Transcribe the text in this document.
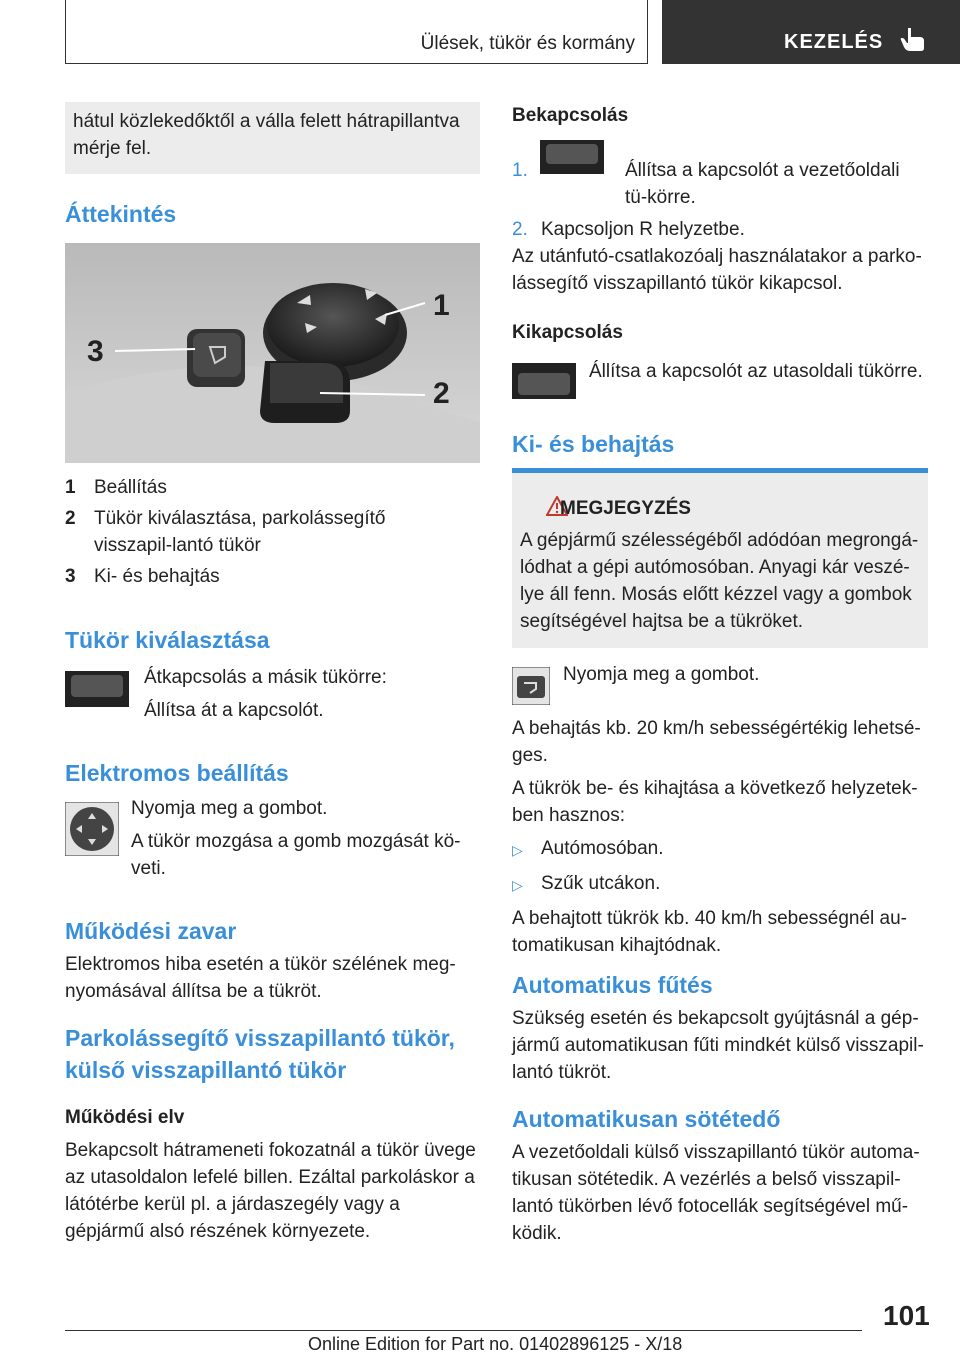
Ülések, tükör és kormány	KEZELÉS

hátul közlekedőktől a válla felett hátrapillantva mérje fel.

Áttekintés
1
2
3
1 Beállítás
2 Tükör kiválasztása, parkolássegítő visszapil-lantó tükör
3 Ki- és behajtás
Tükör kiválasztása

Átkapcsolás a másik tükörre:

Állítsa át a kapcsolót.

Elektromos beállítás

Nyomja meg a gombot.

A tükör mozgása a gomb mozgását kö-veti.

Működési zavar

Elektromos hiba esetén a tükör szélének meg-nyomásával állítsa be a tükröt.

Parkolássegítő visszapillantó tükör, külső visszapillantó tükör
Működési elv

Bekapcsolt hátrameneti fokozatnál a tükör üvege az utasoldalon lefelé billen. Ezáltal parkoláskor a látótérbe kerül pl. a járdaszegély vagy a gépjármű alsó részének környezete.

Bekapcsolás
1.	Állítsa a kapcsolót a vezetőoldali tü-körre.
2. Kapcsoljon R helyzetbe.

Az utánfutó-csatlakozóalj használatakor a parko-lássegítő visszapillantó tükör kikapcsol.

Kikapcsolás

Állítsa a kapcsolót az utasoldali tükörre.

Ki- és behajtás
MEGJEGYZÉS
A gépjármű szélességéből adódóan megrongá-lódhat a gépi autómosóban. Anyagi kár veszé-lye áll fenn. Mosás előtt kézzel vagy a gombok segítségével hajtsa be a tükröket.

Nyomja meg a gombot.

A behajtás kb. 20 km/h sebességértékig lehetsé-ges.

A tükrök be- és kihajtása a következő helyzetek-ben hasznos:

▷ Autómosóban.
▷ Szűk utcákon.

A behajtott tükrök kb. 40 km/h sebességnél au-tomatikusan kihajtódnak.

Automatikus fűtés

Szükség esetén és bekapcsolt gyújtásnál a gép-jármű automatikusan fűti mindkét külső visszapil-lantó tükröt.

Automatikusan sötétedő

A vezetőoldali külső visszapillantó tükör automa-tikusan sötétedik. A vezérlés a belső visszapil-lantó tükörben lévő fotocellák segítségével mű-ködik.

101
Online Edition for Part no. 01402896125 - X/18
